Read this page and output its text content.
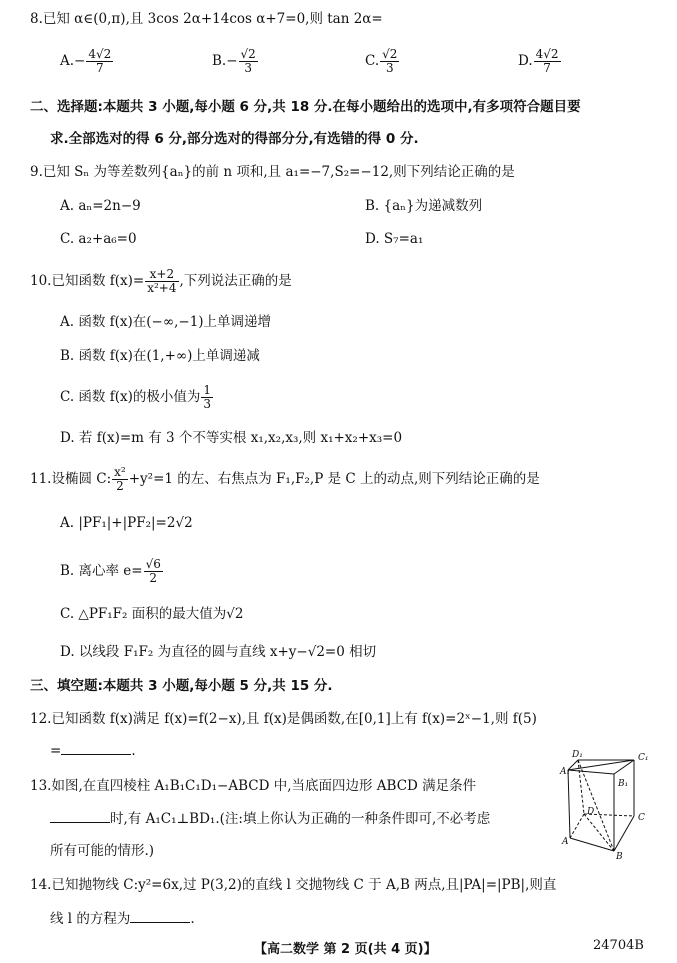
8.已知 α∈(0,π),且 3cos 2α+14cos α+7=0,则 tan 2α=
$A.- \frac{4√2}{7}$	$B.- \frac{√2}{3}$	C. $\frac{√2}{3}$	D. $\frac{4√2}{7}$
二、选择题:本题共 3 小题,每小题 6 分,共 18 分.在每小题给出的选项中,有多项符合题目要
求.全部选对的得 6 分,部分选对的得部分分,有选错的得 0 分.
9.已知 Sₙ 为等差数列{aₙ}的前 n 项和,且 a₁=−7,S₂=−12,则下列结论正确的是
A. aₙ=2n−9	B. {aₙ}为递减数列
C. a₂+a₆=0	D. S₇=a₁
10.已知函数 $f(x)= \frac{x+2}{\text{x²+4}}$ ,下列说法正确的是
A. 函数 f(x)在(−∞,−1)上单调递增
B. 函数 f(x)在(1,+∞)上单调递减
C. 函数 f(x)的极小值为 $\frac{1}{3}$
D. 若 f(x)=m 有 3 个不等实根 x₁,x₂,x₃,则 x₁+x₂+x₃=0
11.设椭圆 C: $\frac{\text{x²}}{2} +y^2=1$ 的左、右焦点为 F₁,F₂,P 是 C 上的动点,则下列结论正确的是
A. |PF₁|+|PF₂|=2√2
B. 离心率 $e= \frac{√6}{2}$
C. △PF₁F₂ 面积的最大值为√2
D. 以线段 F₁F₂ 为直径的圆与直线 x+y−√2=0 相切
三、填空题:本题共 3 小题,每小题 5 分,共 15 分.
12.已知函数 f(x)满足 f(x)=f(2−x),且 f(x)是偶函数,在[0,1]上有 f(x)=2ˣ−1,则 f(5)
=	.
13.如图,在直四棱柱 A₁B₁C₁D₁−ABCD 中,当底面四边形 ABCD 满足条件
时,有 A₁C₁⊥BD₁.(注:填上你认为正确的一种条件即可,不必考虑
所有可能的情形.)
D₁	C₁
A₁
B₁
D
C
A
B
14.已知抛物线 C:y²=6x,过 P(3,2)的直线 l 交抛物线 C 于 A,B 两点,且|PA|=|PB|,则直
线 l 的方程为	.
【高二数学 第 2 页(共 4 页)】	24704B
